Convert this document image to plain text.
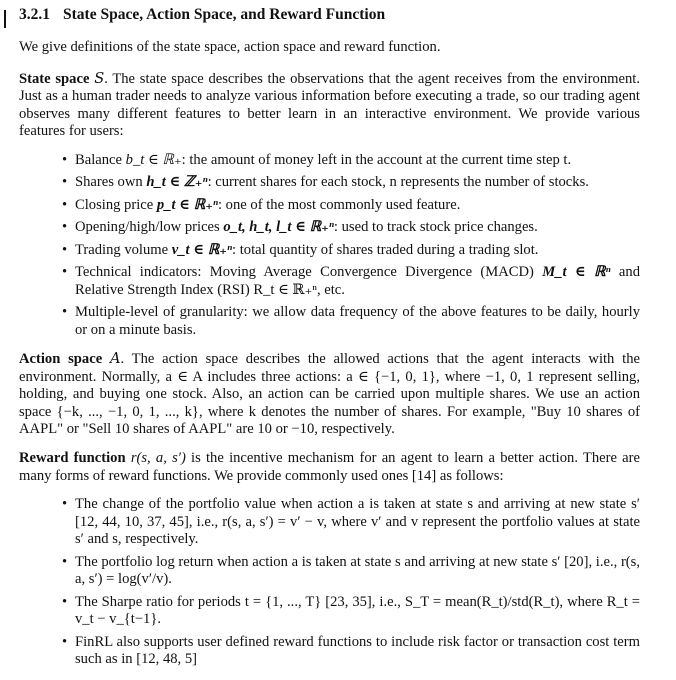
3.2.1 State Space, Action Space, and Reward Function

We give definitions of the state space, action space and reward function.

State space S. The state space describes the observations that the agent receives from the environment. Just as a human trader needs to analyze various information before executing a trade, so our trading agent observes many different features to better learn in an interactive environment. We provide various features for users:

• Balance b_t ∈ ℝ₊: the amount of money left in the account at the current time step t.
• Shares own h_t ∈ ℤ₊ⁿ: current shares for each stock, n represents the number of stocks.
• Closing price p_t ∈ ℝ₊ⁿ: one of the most commonly used feature.
• Opening/high/low prices o_t, h_t, l_t ∈ ℝ₊ⁿ: used to track stock price changes.
• Trading volume v_t ∈ ℝ₊ⁿ: total quantity of shares traded during a trading slot.
• Technical indicators: Moving Average Convergence Divergence (MACD) M_t ∈ ℝⁿ and Relative Strength Index (RSI) R_t ∈ ℝ₊ⁿ, etc.
• Multiple-level of granularity: we allow data frequency of the above features to be daily, hourly or on a minute basis.

Action space A. The action space describes the allowed actions that the agent interacts with the environment. Normally, a ∈ A includes three actions: a ∈ {−1, 0, 1}, where −1, 0, 1 represent selling, holding, and buying one stock. Also, an action can be carried upon multiple shares. We use an action space {−k, ..., −1, 0, 1, ..., k}, where k denotes the number of shares. For example, "Buy 10 shares of AAPL" or "Sell 10 shares of AAPL" are 10 or −10, respectively.

Reward function r(s, a, s′) is the incentive mechanism for an agent to learn a better action. There are many forms of reward functions. We provide commonly used ones [14] as follows:

• The change of the portfolio value when action a is taken at state s and arriving at new state s′ [12, 44, 10, 37, 45], i.e., r(s, a, s′) = v′ − v, where v′ and v represent the portfolio values at state s′ and s, respectively.
• The portfolio log return when action a is taken at state s and arriving at new state s′ [20], i.e., r(s, a, s′) = log(v′/v).
• The Sharpe ratio for periods t = {1, ..., T} [23, 35], i.e., S_T = mean(R_t)/std(R_t), where R_t = v_t − v_{t−1}.
• FinRL also supports user defined reward functions to include risk factor or transaction cost term such as in [12, 48, 5]
